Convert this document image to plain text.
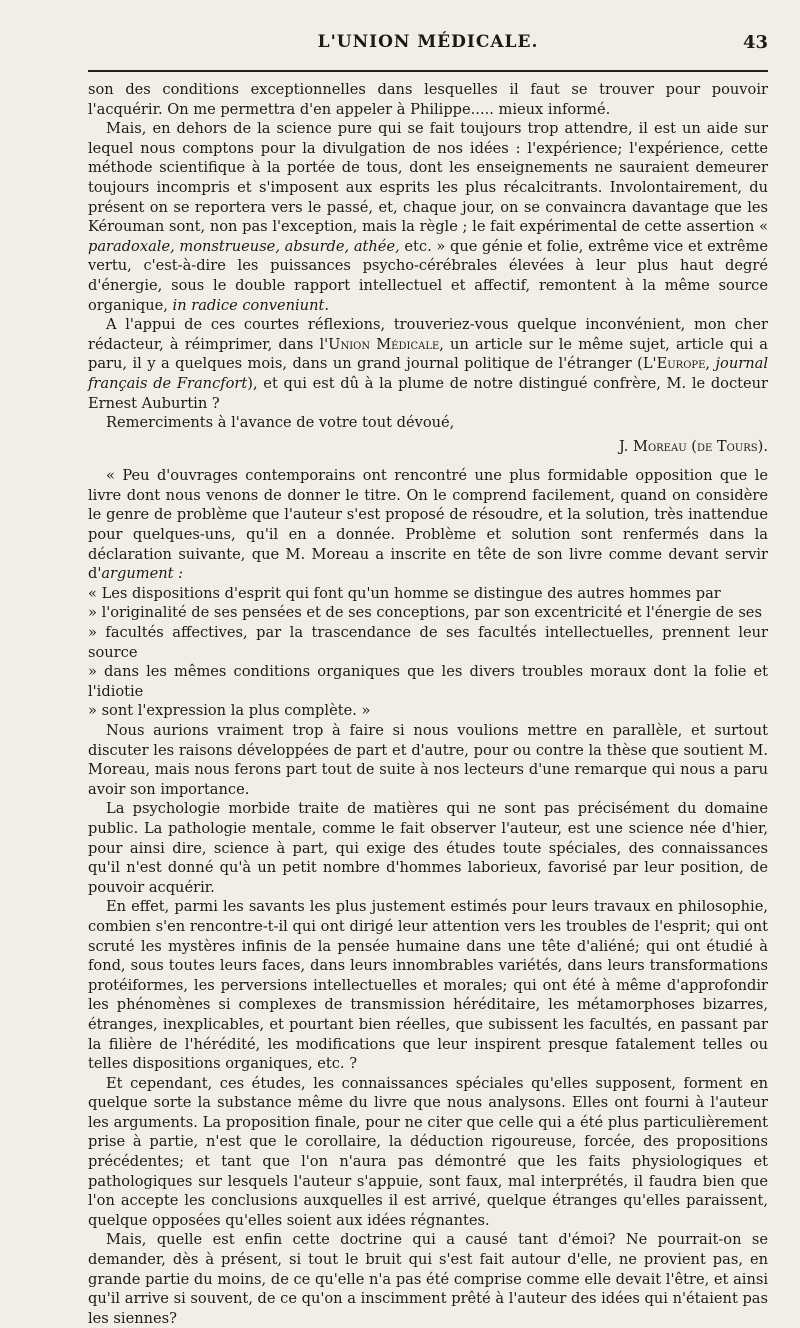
L'UNION MÉDICALE.	43

son des conditions exceptionnelles dans lesquelles il faut se trouver pour pouvoir l'acquérir. On me permettra d'en appeler à Philippe..... mieux informé.

Mais, en dehors de la science pure qui se fait toujours trop attendre, il est un aide sur lequel nous comptons pour la divulgation de nos idées : l'expérience; l'expérience, cette méthode scientifique à la portée de tous, dont les enseignements ne sauraient demeurer toujours incompris et s'imposent aux esprits les plus récalcitrants. Involontairement, du présent on se reportera vers le passé, et, chaque jour, on se convaincra davantage que les Kérouman sont, non pas l'exception, mais la règle ; le fait expérimental de cette assertion « paradoxale, monstrueuse, absurde, athée, etc. » que génie et folie, extrême vice et extrême vertu, c'est-à-dire les puissances psycho-cérébrales élevées à leur plus haut degré d'énergie, sous le double rapport intellectuel et affectif, remontent à la même source organique, in radice conveniunt.

A l'appui de ces courtes réflexions, trouveriez-vous quelque inconvénient, mon cher rédacteur, à réimprimer, dans l'Union Médicale, un article sur le même sujet, article qui a paru, il y a quelques mois, dans un grand journal politique de l'étranger (L'Europe, journal français de Francfort), et qui est dû à la plume de notre distingué confrère, M. le docteur Ernest Auburtin ?

Remerciments à l'avance de votre tout dévoué,

J. Moreau (de Tours).

« Peu d'ouvrages contemporains ont rencontré une plus formidable opposition que le livre dont nous venons de donner le titre. On le comprend facilement, quand on considère le genre de problème que l'auteur s'est proposé de résoudre, et la solution, très inattendue pour quelques-uns, qu'il en a donnée. Problème et solution sont renfermés dans la déclaration suivante, que M. Moreau a inscrite en tête de son livre comme devant servir d'argument :

« Les dispositions d'esprit qui font qu'un homme se distingue des autres hommes par

» l'originalité de ses pensées et de ses conceptions, par son excentricité et l'énergie de ses

» facultés affectives, par la trascendance de ses facultés intellectuelles, prennent leur source

» dans les mêmes conditions organiques que les divers troubles moraux dont la folie et l'idiotie

» sont l'expression la plus complète. »

Nous aurions vraiment trop à faire si nous voulions mettre en parallèle, et surtout discuter les raisons développées de part et d'autre, pour ou contre la thèse que soutient M. Moreau, mais nous ferons part tout de suite à nos lecteurs d'une remarque qui nous a paru avoir son importance.

La psychologie morbide traite de matières qui ne sont pas précisément du domaine public. La pathologie mentale, comme le fait observer l'auteur, est une science née d'hier, pour ainsi dire, science à part, qui exige des études toute spéciales, des connaissances qu'il n'est donné qu'à un petit nombre d'hommes laborieux, favorisé par leur position, de pouvoir acquérir.

En effet, parmi les savants les plus justement estimés pour leurs travaux en philosophie, combien s'en rencontre-t-il qui ont dirigé leur attention vers les troubles de l'esprit; qui ont scruté les mystères infinis de la pensée humaine dans une tête d'aliéné; qui ont étudié à fond, sous toutes leurs faces, dans leurs innombrables variétés, dans leurs transformations protéiformes, les perversions intellectuelles et morales; qui ont été à même d'approfondir les phénomènes si complexes de transmission héréditaire, les métamorphoses bizarres, étranges, inexplicables, et pourtant bien réelles, que subissent les facultés, en passant par la filière de l'hérédité, les modifications que leur inspirent presque fatalement telles ou telles dispositions organiques, etc. ?

Et cependant, ces études, les connaissances spéciales qu'elles supposent, forment en quelque sorte la substance même du livre que nous analysons. Elles ont fourni à l'auteur les arguments. La proposition finale, pour ne citer que celle qui a été plus particulièrement prise à partie, n'est que le corollaire, la déduction rigoureuse, forcée, des propositions précédentes; et tant que l'on n'aura pas démontré que les faits physiologiques et pathologiques sur lesquels l'auteur s'appuie, sont faux, mal interprétés, il faudra bien que l'on accepte les conclusions auxquelles il est arrivé, quelque étranges qu'elles paraissent, quelque opposées qu'elles soient aux idées régnantes.

Mais, quelle est enfin cette doctrine qui a causé tant d'émoi? Ne pourrait-on se demander, dès à présent, si tout le bruit qui s'est fait autour d'elle, ne provient pas, en grande partie du moins, de ce qu'elle n'a pas été comprise comme elle devait l'être, et ainsi qu'il arrive si souvent, de ce qu'on a inscimment prêté à l'auteur des idées qui n'étaient pas les siennes?
